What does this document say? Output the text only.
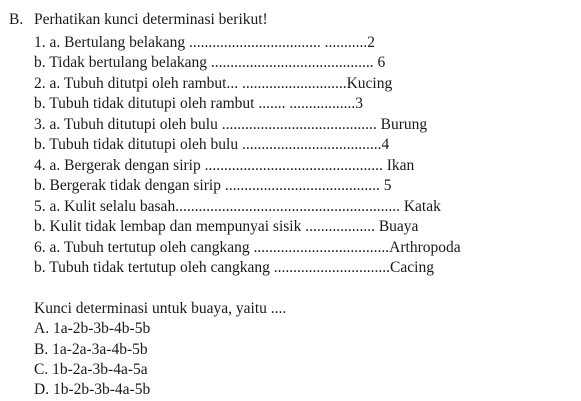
B. Perhatikan kunci determinasi berikut!
1. a. Bertulang belakang .................................. ...........2
b. Tidak bertulang belakang .......................................... 6
2. a. Tubuh ditutpi oleh rambut... ...........................Kucing
b. Tubuh tidak ditutupi oleh rambut ....... .................3
3. a. Tubuh ditutupi oleh bulu ........................................ Burung
b. Tubuh tidak ditutupi oleh bulu ....................................4
4. a. Bergerak dengan sirip .............................................. Ikan
b. Bergerak tidak dengan sirip ........................................ 5
5. a. Kulit selalu basah.......................................................... Katak
b. Kulit tidak lembap dan mempunyai sisik .................. Buaya
6. a. Tubuh tertutup oleh cangkang ...................................Arthropoda
b. Tubuh tidak tertutup oleh cangkang ..............................Cacing
Kunci determinasi untuk buaya, yaitu ....
A. 1a-2b-3b-4b-5b
B. 1a-2a-3a-4b-5b
C. 1b-2a-3b-4a-5a
D. 1b-2b-3b-4a-5b
